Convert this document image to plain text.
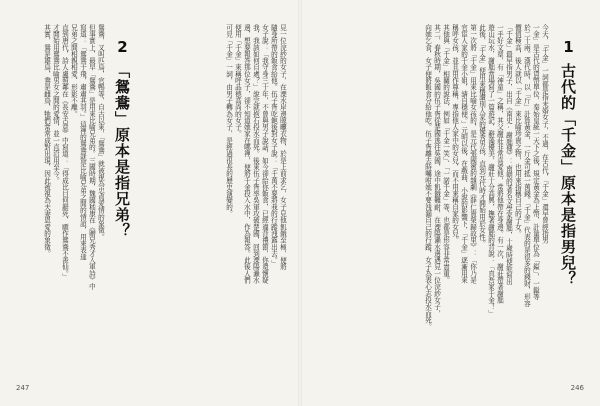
1
古代的「千金」原本是指男兒？
今天，「千金」一詞都是指未婚女子，不過，在古代，「千金」還早曾經指男
一金」是古代的貨幣單位，秦始皇統一天下之後，規定黃金為上幣，計量單位為「鎰」，一鎰等
於二十兩。漢代時，以「斤」計算黃金，一斤金可抵一萬錢。「千金」代表的是很多的錢財，形容
價值極高，後人就以「千金」來比喻珍貴之物，也用來指稱自己的子女。
「千金」最早指男子，出自《南史·謝朏傳》：南朝的著名文學家謝朏，十歲時便能寫出
一手好文章，有「神童」之稱，其父謝莊非常喜愛他，常將他帶在身邊。有一次，謝莊帶著謝朏
遊山玩水，謝朏當場寫了一篇遊記，辭藻優美，謝莊十分高興，撫著謝朏的背說：「真吾家千金！」
此後，「千金」便用來稱讚別人家的優秀男孩，直到元代時才開始用於女性。
第一次將「千金」用來比喻女孩的，是元代張國賓的雜劇《薛仁貴榮歸故里》：「你乃是
官宦人家的千金小姐，請自穩便。」元明以後，在戲曲、小說的影響下，「千金」逐漸用來
稱呼女孩，並且用作尊稱，專指他人家中的女兒，而不用來稱自家的女兒。
其他與「千金」相關的說法，例如「千金一笑」、「一諾千金」等，也都是形容非常貴重。
其二，春秋時期，吳國的伍子胥從楚國逃往吳國，途中飢餓難耐，在溧陽瀨水邊遇見一位浣紗女子，
向她乞食，女子便將飯食分給他吃。伍子胥離去時囑咐她不要洩漏自己的行蹤，女子為表心志投水而死。
246
見一位浣紗的女子，在溧水岸邊晾曬衣物，於是上前求乞，女子見他飢餓至極，便將
隨身所帶的飯食給他。伍子胥吃飽後對女子說：「千萬不要將我的行蹤洩露出去。」
女子說：「我守身三十年，不曾與男子說話，如今卻給你飯食，已經違背禮節，你還懷疑
我，我該如何自處？」說完就抱石投水而死。後來伍子胥率吳軍攻破楚國，回到溧陽瀨水
邊，想要報答那位女子，卻不知道她家在哪裡，便將千金投入水中，作為報答。此後人們
便用「千金」來稱呼品德高尚的女子。
可見「千金」一詞，由男子轉為女子，是經過很長的歷史演變的。
2
「鴛鴦」原本是指兄弟？
鴛鴦，又叫匹鳥，官鴨等，自古以來，「鴛鴦」就被視為忠貞愛情的象徵。
但事實上，最早「鴛鴦」是用來比喻兄弟的。三國時期，魏國嵇康在《贈兄秀才入軍詩》中
寫道：「鴛鴦于飛，肅肅其羽。」這裡的鴛鴦就是比喻兄弟之間的情誼，用來表達
兄弟之間相親相愛、形影不離。
直到唐代，詩人盧照鄰在《長安古意》中寫道：「得成比目何辭死，願作鴛鴦不羨仙。」
才開始用鴛鴦比喻男女之間的愛情，並一直沿用至今。
其實，鴛是雄鳥，鴦是雌鳥，牠們常常成對出現，因此被視為夫妻恩愛的象徵。
247
